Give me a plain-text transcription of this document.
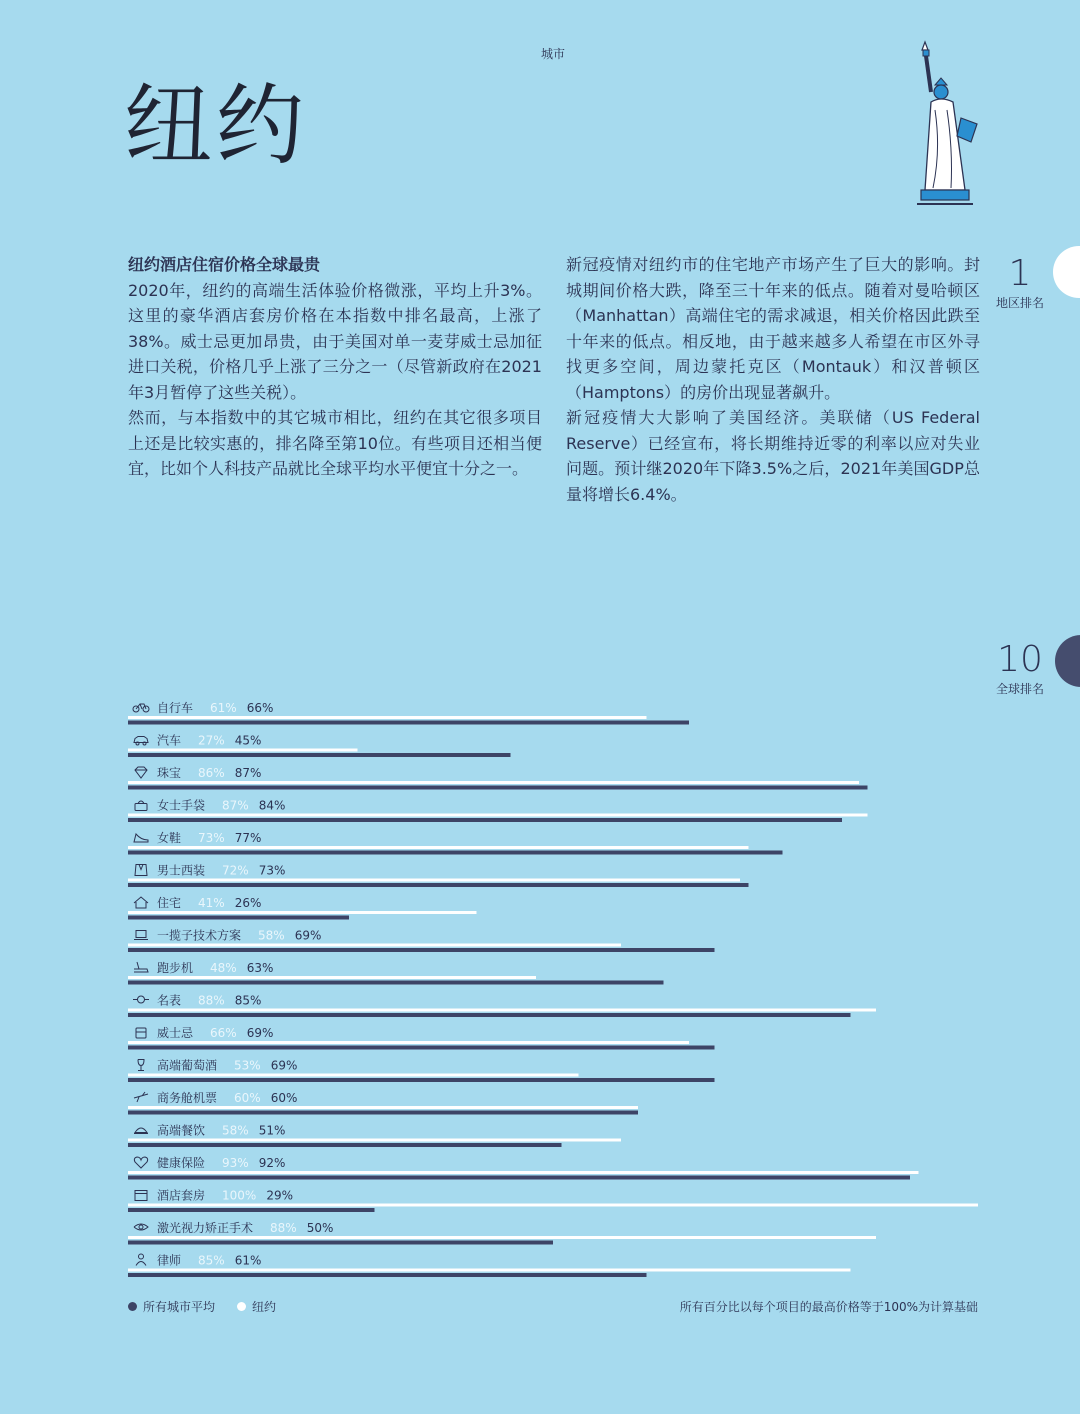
城市
纽约

纽约酒店住宿价格全球最贵

2020年，纽约的高端生活体验价格微涨，平均上升3%。这里的豪华酒店套房价格在本指数中排名最高，上涨了38%。威士忌更加昂贵，由于美国对单一麦芽威士忌加征进口关税，价格几乎上涨了三分之一（尽管新政府在2021年3月暂停了这些关税）。

然而，与本指数中的其它城市相比，纽约在其它很多项目上还是比较实惠的，排名降至第10位。有些项目还相当便宜，比如个人科技产品就比全球平均水平便宜十分之一。

新冠疫情对纽约市的住宅地产市场产生了巨大的影响。封城期间价格大跌，降至三十年来的低点。随着对曼哈顿区（Manhattan）高端住宅的需求减退，相关价格因此跌至十年来的低点。相反地，由于越来越多人希望在市区外寻找更多空间，周边蒙托克区（Montauk）和汉普顿区（Hamptons）的房价出现显著飙升。

新冠疫情大大影响了美国经济。美联储（US Federal Reserve）已经宣布，将长期维持近零的利率以应对失业问题。预计继2020年下降3.5%之后，2021年美国GDP总量将增长6.4%。

1
地区排名
10
全球排名
自行车 61% 66%
汽车 27% 45%
珠宝 86% 87%
女士手袋 87% 84%
女鞋 73% 77%
男士西装 72% 73%
住宅 41% 26%
一揽子技术方案 58% 69%
跑步机 48% 63%
名表 88% 85%
威士忌 66% 69%
高端葡萄酒 53% 69%
商务舱机票 60% 60%
高端餐饮 58% 51%
健康保险 93% 92%
酒店套房 100% 29%
激光视力矫正手术 88% 50%
律师 85% 61%
所有城市平均	纽约	所有百分比以每个项目的最高价格等于100%为计算基础
